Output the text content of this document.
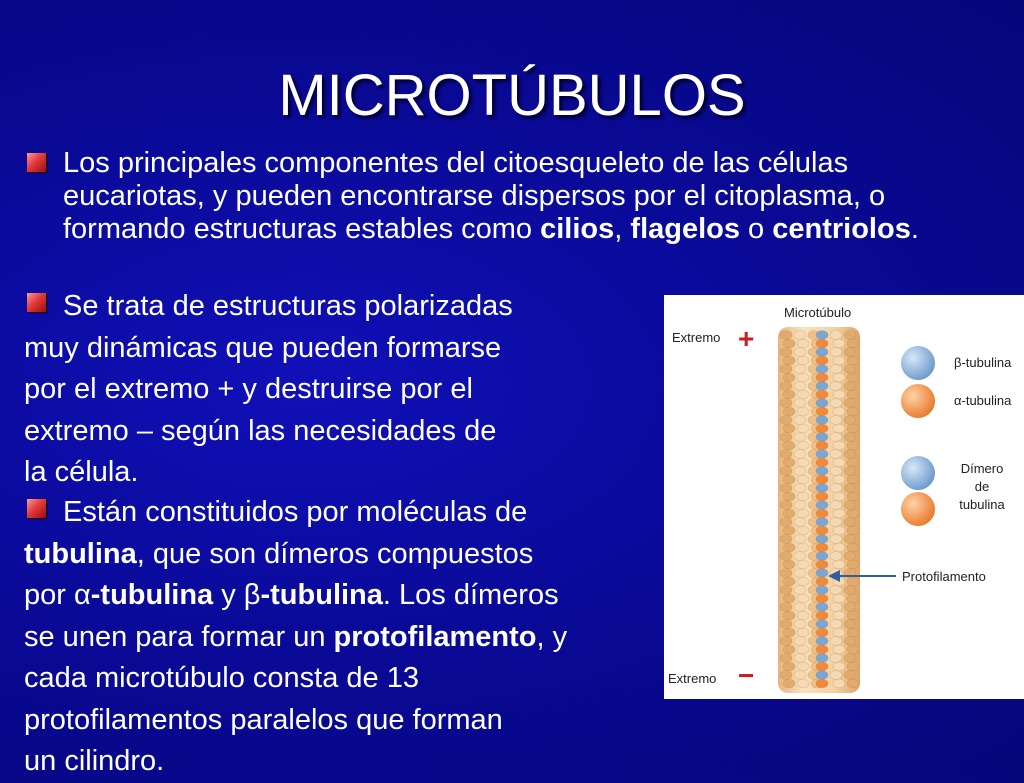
MICROTÚBULOS
Los principales componentes del citoesqueleto de las células eucariotas, y pueden encontrarse dispersos por el citoplasma, o formando estructuras estables como cilios, flagelos o centriolos.
Se trata de estructuras polarizadas
muy dinámicas que pueden formarse
por el extremo + y destruirse por el
extremo – según las necesidades de
la célula.
Están constituidos por moléculas de
tubulina, que son dímeros compuestos
por α-tubulina y β-tubulina. Los dímeros
se unen para formar un protofilamento, y
cada microtúbulo consta de 13
protofilamentos paralelos que forman
un cilindro.
Microtúbulo
Extremo +
Extremo −
β-tubulina
α-tubulina
Dímero
de
tubulina
Protofilamento
